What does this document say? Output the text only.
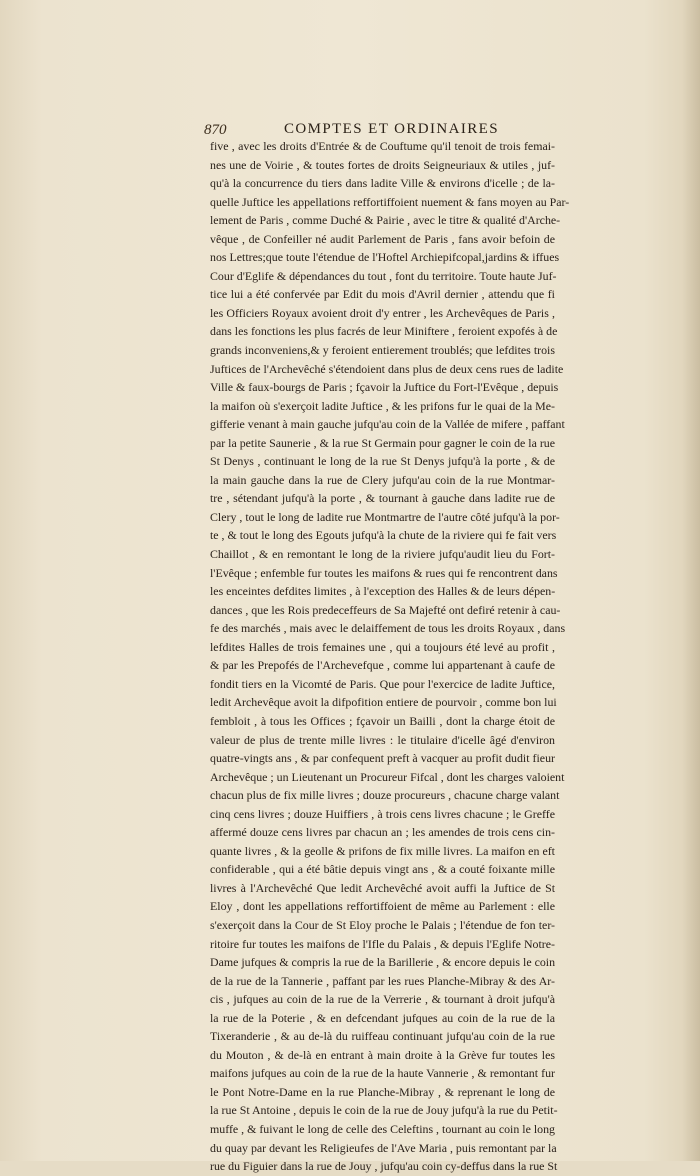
870	COMPTES ET ORDINAIRES
five , avec les droits d'Entrée & de Couftume qu'il tenoit de trois femai-
nes une de Voirie , & toutes fortes de droits Seigneuriaux & utiles , juf-
qu'à la concurrence du tiers dans ladite Ville & environs d'icelle ; de la-
quelle Juftice les appellations reffortiffoient nuement & fans moyen au Par-
lement de Paris , comme Duché & Pairie , avec le titre & qualité d'Arche-
vêque , de Confeiller né audit Parlement de Paris , fans avoir befoin de
nos Lettres;que toute l'étendue de l'Hoftel Archiepifcopal,jardins & iffues
Cour d'Eglife & dépendances du tout , font du territoire. Toute haute Juf-
tice lui a été confervée par Edit du mois d'Avril dernier , attendu que fi
les Officiers Royaux avoient droit d'y entrer , les Archevêques de Paris ,
dans les fonctions les plus facrés de leur Miniftere , feroient expofés à de
grands inconveniens,& y feroient entierement troublés; que lefdites trois
Juftices de l'Archevêché s'étendoient dans plus de deux cens rues de ladite
Ville & faux-bourgs de Paris ; fçavoir la Juftice du Fort-l'Evêque , depuis
la maifon où s'exerçoit ladite Juftice , & les prifons fur le quai de la Me-
gifferie venant à main gauche jufqu'au coin de la Vallée de mifere , paffant
par la petite Saunerie , & la rue St Germain pour gagner le coin de la rue
St Denys , continuant le long de la rue St Denys jufqu'à la porte , & de
la main gauche dans la rue de Clery jufqu'au coin de la rue Montmar-
tre , sétendant jufqu'à la porte , & tournant à gauche dans ladite rue de
Clery , tout le long de ladite rue Montmartre de l'autre côté jufqu'à la por-
te , & tout le long des Egouts jufqu'à la chute de la riviere qui fe fait vers
Chaillot , & en remontant le long de la riviere jufqu'audit lieu du Fort-
l'Evêque ; enfemble fur toutes les maifons & rues qui fe rencontrent dans
les enceintes defdites limites , à l'exception des Halles & de leurs dépen-
dances , que les Rois predeceffeurs de Sa Majefté ont defiré retenir à cau-
fe des marchés , mais avec le delaiffement de tous les droits Royaux , dans
lefdites Halles de trois femaines une , qui a toujours été levé au profit ,
& par les Prepofés de l'Archevefque , comme lui appartenant à caufe de
fondit tiers en la Vicomté de Paris. Que pour l'exercice de ladite Juftice,
ledit Archevêque avoit la difpofition entiere de pourvoir , comme bon lui
fembloit , à tous les Offices ; fçavoir un Bailli , dont la charge étoit de
valeur de plus de trente mille livres : le titulaire d'icelle âgé d'environ
quatre-vingts ans , & par confequent preft à vacquer au profit dudit fieur
Archevêque ; un Lieutenant un Procureur Fifcal , dont les charges valoient
chacun plus de fix mille livres ; douze procureurs , chacune charge valant
cinq cens livres ; douze Huiffiers , à trois cens livres chacune ; le Greffe
affermé douze cens livres par chacun an ; les amendes de trois cens cin-
quante livres , & la geolle & prifons de fix mille livres. La maifon en eft
confiderable , qui a été bâtie depuis vingt ans , & a couté foixante mille
livres à l'Archevêché Que ledit Archevêché avoit auffi la Juftice de St
Eloy , dont les appellations reffortiffoient de même au Parlement : elle
s'exerçoit dans la Cour de St Eloy proche le Palais ; l'étendue de fon ter-
ritoire fur toutes les maifons de l'Ifle du Palais , & depuis l'Eglife Notre-
Dame jufques & compris la rue de la Barillerie , & encore depuis le coin
de la rue de la Tannerie , paffant par les rues Planche-Mibray & des Ar-
cis , jufques au coin de la rue de la Verrerie , & tournant à droit jufqu'à
la rue de la Poterie , & en defcendant jufques au coin de la rue de la
Tixeranderie , & au de-là du ruiffeau continuant jufqu'au coin de la rue
du Mouton , & de-là en entrant à main droite à la Grève fur toutes les
maifons jufques au coin de la rue de la haute Vannerie , & remontant fur
le Pont Notre-Dame en la rue Planche-Mibray , & reprenant le long de
la rue St Antoine , depuis le coin de la rue de Jouy jufqu'à la rue du Petit-
muffe , & fuivant le long de celle des Celeftins , tournant au coin le long
du quay par devant les Religieufes de l'Ave Maria , puis remontant par la
rue du Figuier dans la rue de Jouy , jufqu'au coin cy-deffus dans la rue St
